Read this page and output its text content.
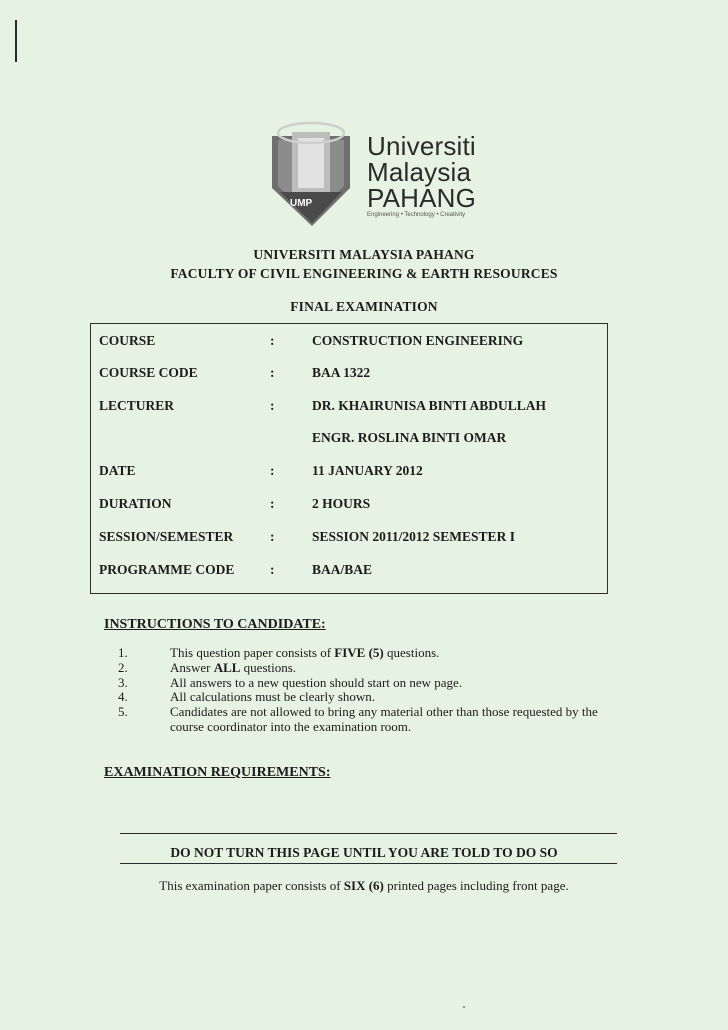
UMP
Universiti
Malaysia
PAHANG
Engineering • Technology • Creativity
UNIVERSITI MALAYSIA PAHANG
FACULTY OF CIVIL ENGINEERING & EARTH RESOURCES
FINAL EXAMINATION
COURSE	:	CONSTRUCTION ENGINEERING
COURSE CODE	:	BAA 1322
LECTURER	:	DR. KHAIRUNISA BINTI ABDULLAH
ENGR. ROSLINA BINTI OMAR
DATE	:	11 JANUARY 2012
DURATION	:	2 HOURS
SESSION/SEMESTER	:	SESSION 2011/2012 SEMESTER I
PROGRAMME CODE	:	BAA/BAE
INSTRUCTIONS TO CANDIDATE:
1.	This question paper consists of FIVE (5) questions.
2.	Answer ALL questions.
3.	All answers to a new question should start on new page.
4.	All calculations must be clearly shown.
5.	Candidates are not allowed to bring any material other than those requested by the course coordinator into the examination room.
EXAMINATION REQUIREMENTS:
DO NOT TURN THIS PAGE UNTIL YOU ARE TOLD TO DO SO
This examination paper consists of SIX (6) printed pages including front page.
